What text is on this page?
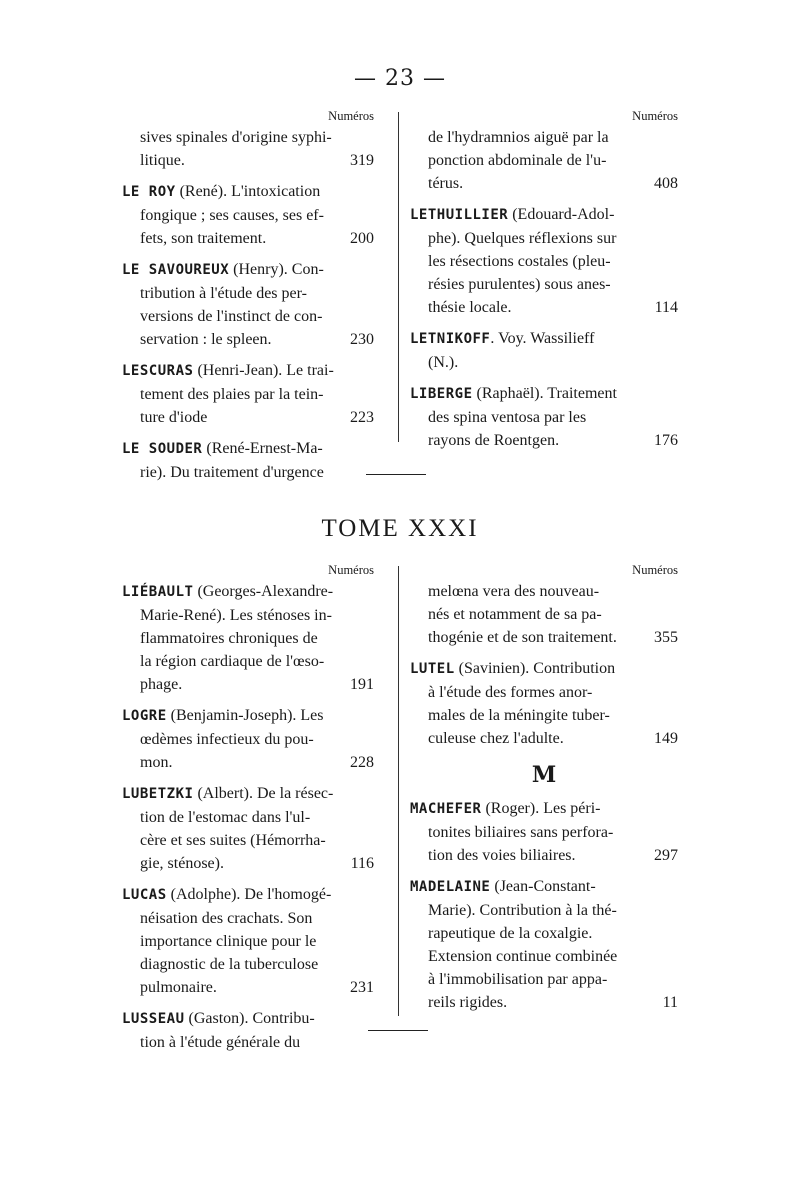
— 23 —
Numéros
sives spinales d'origine syphi-
litique.	319
LE ROY (René). L'intoxication
fongique ; ses causes, ses ef-
fets, son traitement.	200
LE SAVOUREUX (Henry). Con-
tribution à l'étude des per-
versions de l'instinct de con-
servation : le spleen.	230
LESCURAS (Henri-Jean). Le trai-
tement des plaies par la tein-
ture d'iode	223
LE SOUDER (René-Ernest-Ma-
rie). Du traitement d'urgence
Numéros
de l'hydramnios aiguë par la
ponction abdominale de l'u-
térus.	408
LETHUILLIER (Edouard-Adol-
phe). Quelques réflexions sur
les résections costales (pleu-
résies purulentes) sous anes-
thésie locale.	114
LETNIKOFF. Voy. Wassilieff
(N.).
LIBERGE (Raphaël). Traitement
des spina ventosa par les
rayons de Roentgen.	176
TOME XXXI
Numéros
LIÉBAULT (Georges-Alexandre-
Marie-René). Les sténoses in-
flammatoires chroniques de
la région cardiaque de l'œso-
phage.	191
LOGRE (Benjamin-Joseph). Les
œdèmes infectieux du pou-
mon.	228
LUBETZKI (Albert). De la résec-
tion de l'estomac dans l'ul-
cère et ses suites (Hémorrha-
gie, sténose).	116
LUCAS (Adolphe). De l'homogé-
néisation des crachats. Son
importance clinique pour le
diagnostic de la tuberculose
pulmonaire.	231
LUSSEAU (Gaston). Contribu-
tion à l'étude générale du
Numéros
melœna vera des nouveau-
nés et notamment de sa pa-
thogénie et de son traitement. 355
LUTEL (Savinien). Contribution
à l'étude des formes anor-
males de la méningite tuber-
culeuse chez l'adulte.	149
M
MACHEFER (Roger). Les péri-
tonites biliaires sans perfora-
tion des voies biliaires.	297
MADELAINE (Jean-Constant-
Marie). Contribution à la thé-
rapeutique de la coxalgie.
Extension continue combinée
à l'immobilisation par appa-
reils rigides.	11
